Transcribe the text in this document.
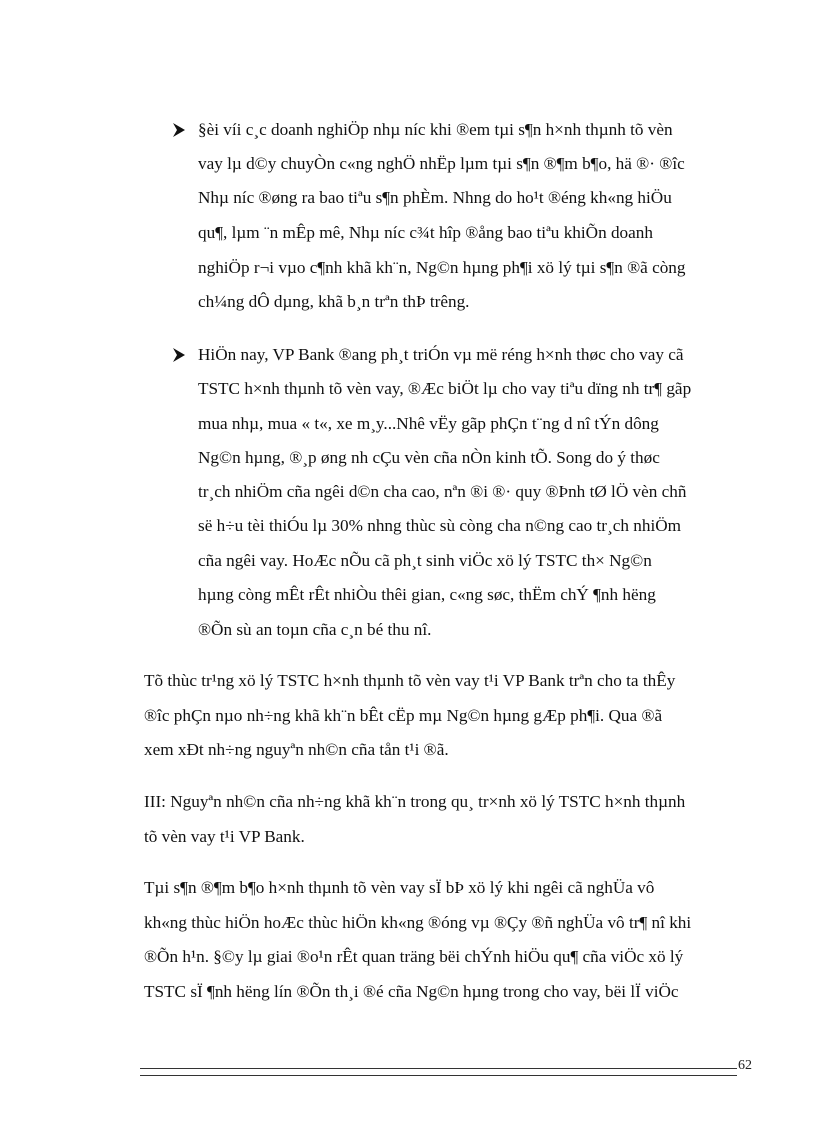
§èi víi c¸c doanh nghiÖp nhµ níc khi ®em tµi s¶n h×nh thµnh tõ vèn
vay lµ d©y chuyÒn c«ng nghÖ nhËp lµm tµi s¶n ®¶m b¶o, hä ®· ®îc
Nhµ níc ®øng ra bao tiªu s¶n phÈm. Nhng do ho¹t ®éng kh«ng hiÖu
qu¶, lµm ¨n mÊp mê, Nhµ níc c¾t hîp ®ång bao tiªu khiÕn doanh
nghiÖp r¬i vµo c¶nh khã kh¨n, Ng©n hµng ph¶i xö lý tµi s¶n ®ã còng
ch¼ng dÔ dµng, khã b¸n trªn thÞ trêng.
HiÖn nay, VP Bank ®ang ph¸t triÓn vµ më réng h×nh thøc cho vay cã
TSTC h×nh thµnh tõ vèn vay, ®Æc biÖt lµ cho vay tiªu dïng nh tr¶ gãp
mua nhµ, mua « t«, xe m¸y...Nhê vËy gãp phÇn t¨ng d nî tÝn dông
Ng©n hµng, ®¸p øng nh cÇu vèn cña nÒn kinh tÕ. Song do ý thøc
tr¸ch nhiÖm cña ngêi d©n cha cao, nªn ®i ®· quy ®Þnh tØ lÖ vèn chñ
së h÷u tèi thiÓu lµ 30% nhng thùc sù còng cha n©ng cao tr¸ch nhiÖm
cña ngêi vay. HoÆc nÕu cã ph¸t sinh viÖc xö lý TSTC th× Ng©n
hµng còng mÊt rÊt nhiÒu thêi gian, c«ng søc, thËm chÝ ¶nh hëng
®Õn sù an toµn cña c¸n bé thu nî.
Tõ thùc tr¹ng xö lý TSTC h×nh thµnh tõ vèn vay t¹i VP Bank trªn cho ta thÊy
®îc phÇn nµo nh÷ng khã kh¨n bÊt cËp mµ Ng©n hµng gÆp ph¶i. Qua ®ã
xem xÐt nh÷ng nguyªn nh©n cña tån t¹i ®ã.
III: Nguyªn nh©n cña nh÷ng khã kh¨n trong qu¸ tr×nh xö lý TSTC h×nh thµnh
tõ vèn vay t¹i VP Bank.
Tµi s¶n ®¶m b¶o h×nh thµnh tõ vèn vay sÏ bÞ xö lý khi ngêi cã nghÜa vô
kh«ng thùc hiÖn hoÆc thùc hiÖn kh«ng ®óng vµ ®Çy ®ñ nghÜa vô tr¶ nî khi
®Õn h¹n. §©y lµ giai ®o¹n rÊt quan träng bëi chÝnh hiÖu qu¶ cña viÖc xö lý
TSTC sÏ ¶nh hëng lín ®Õn th¸i ®é cña Ng©n hµng trong cho vay, bëi lÏ viÖc
62
